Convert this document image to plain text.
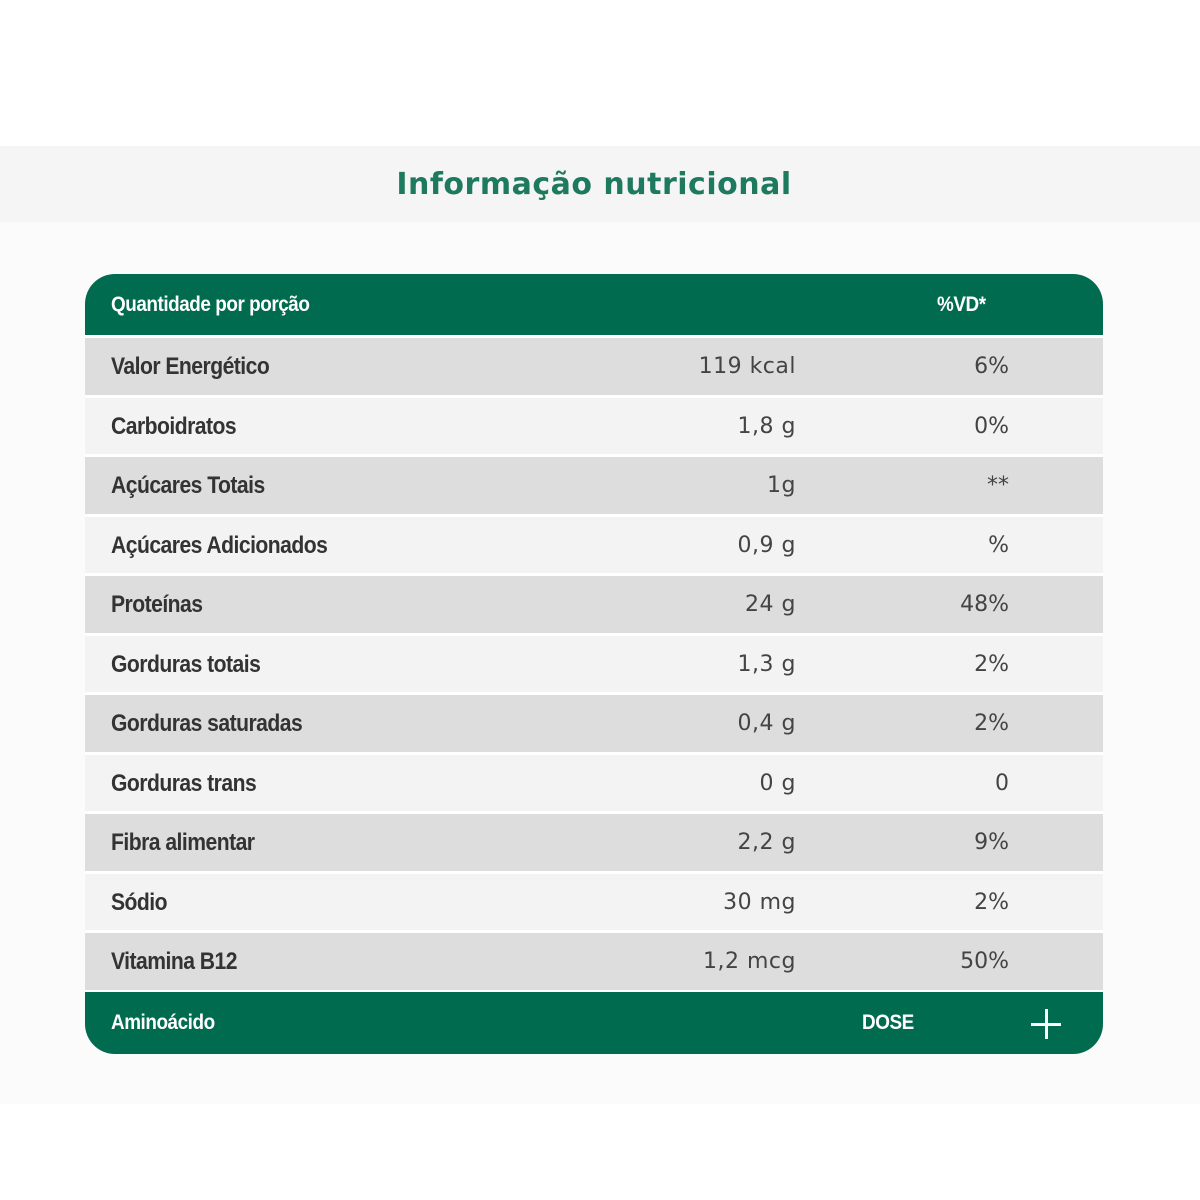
Informação nutricional
Quantidade por porção	%VD*
Valor Energético	119 kcal	6%
Carboidratos	1,8 g	0%
Açúcares Totais	1g	**
Açúcares Adicionados	0,9 g	%
Proteínas	24 g	48%
Gorduras totais	1,3 g	2%
Gorduras saturadas	0,4 g	2%
Gorduras trans	0 g	0
Fibra alimentar	2,2 g	9%
Sódio	30 mg	2%
Vitamina B12	1,2 mcg	50%
Aminoácido	DOSE
